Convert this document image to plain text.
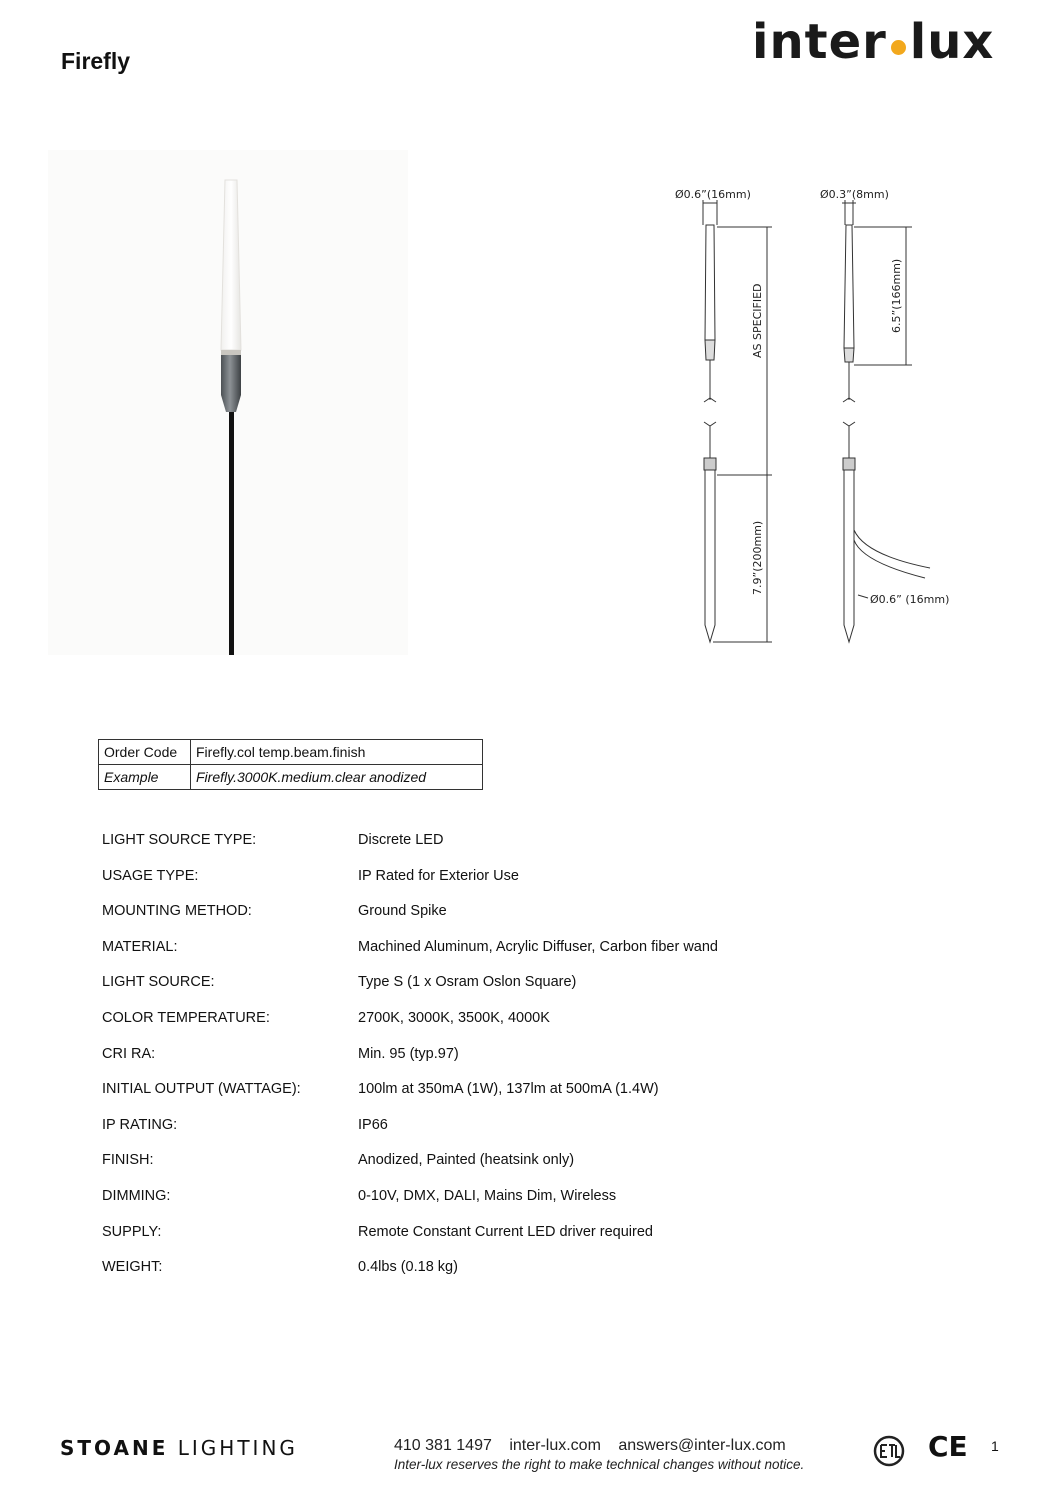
Firefly	inter lux
Ø0.6”(16mm)	Ø0.3”(8mm)
AS SPECIFIED	6.5”(166mm)
7.9”(200mm)
Ø0.6” (16mm)
Order Code	Firefly.col temp.beam.finish
Example	Firefly.3000K.medium.clear anodized
LIGHT SOURCE TYPE:	Discrete LED
USAGE TYPE:	IP Rated for Exterior Use
MOUNTING METHOD:	Ground Spike
MATERIAL:	Machined Aluminum, Acrylic Diffuser, Carbon fiber wand
LIGHT SOURCE:	Type S (1 x Osram Oslon Square)
COLOR TEMPERATURE:	2700K, 3000K, 3500K, 4000K
CRI RA:	Min. 95 (typ.97)
INITIAL OUTPUT (WATTAGE):	100lm at 350mA (1W), 137lm at 500mA (1.4W)
IP RATING:	IP66
FINISH:	Anodized, Painted (heatsink only)
DIMMING:	0-10V, DMX, DALI, Mains Dim, Wireless
SUPPLY:	Remote Constant Current LED driver required
WEIGHT:	0.4lbs (0.18 kg)
STOANE LIGHTING	410 381 1497 inter-lux.com answers@inter-lux.com
Inter-lux reserves the right to make technical changes without notice.
CE 1
